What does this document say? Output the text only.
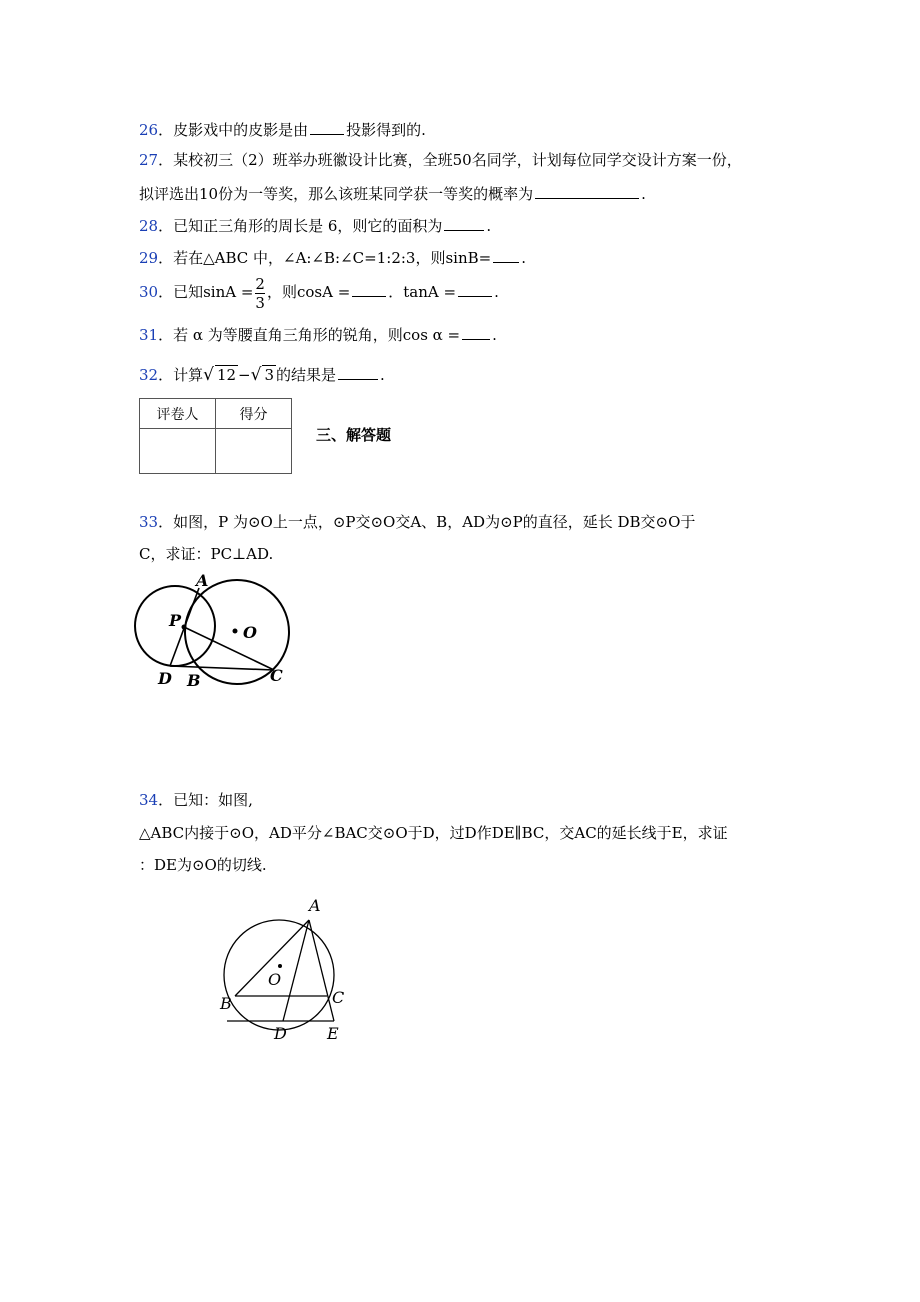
26．皮影戏中的皮影是由	投影得到的.
27．某校初三（2）班举办班徽设计比赛，全班50名同学，计划每位同学交设计方案一份，
拟评选出10份为一等奖，那么该班某同学获一等奖的概率为	.
28．已知正三角形的周长是 6，则它的面积为	.
29．若在△ABC 中，∠A:∠B:∠C=1:2:3，则sinB= .
30．已知$\sin A = \frac{2}{3}$ ，则cosA =	．tanA =	.
31．若 α 为等腰直角三角形的锐角，则cos α = .
32．计算√ 12 −√ 3 的结果是	.
评卷人	得分

三、解答题
33．如图，P 为⊙O上一点，⊙P交⊙O交A、B，AD为⊙P的直径，延长 DB交⊙O于
C，求证：PC⊥AD.
A
P
O
D B	C
34．已知：如图,
△ABC内接于⊙O，AD平分∠BAC交⊙O于D，过D作DE∥BC，交AC的延长线于E，求证
：DE为⊙O的切线.
A
O
B	C
D	E
